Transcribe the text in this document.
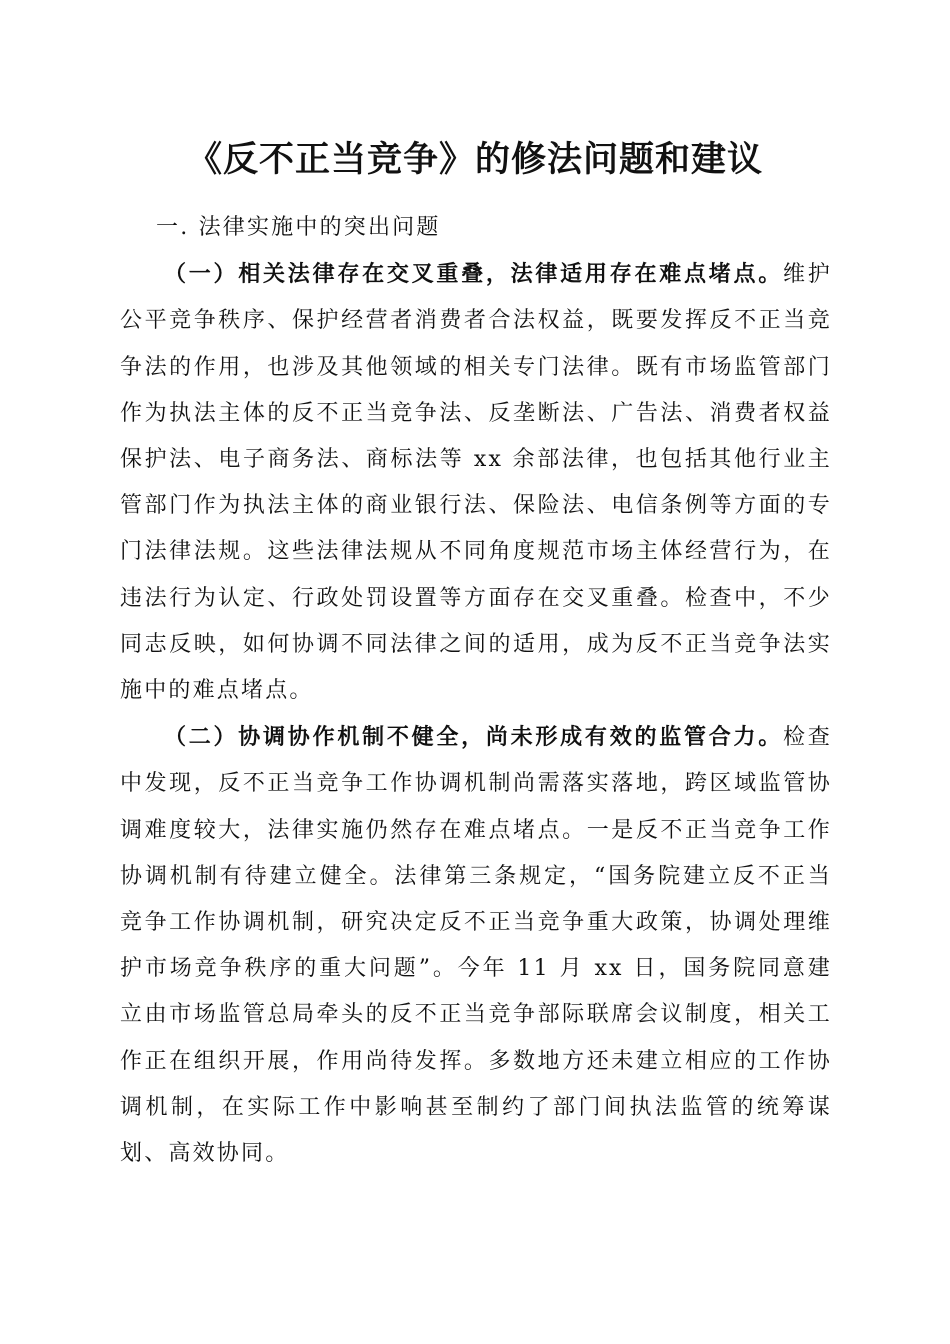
《反不正当竞争》的修法问题和建议
一. 法律实施中的突出问题

（一）相关法律存在交叉重叠，法律适用存在难点堵点。维护公平竞争秩序、保护经营者消费者合法权益，既要发挥反不正当竞争法的作用，也涉及其他领域的相关专门法律。既有市场监管部门作为执法主体的反不正当竞争法、反垄断法、广告法、消费者权益保护法、电子商务法、商标法等 xx 余部法律，也包括其他行业主管部门作为执法主体的商业银行法、保险法、电信条例等方面的专门法律法规。这些法律法规从不同角度规范市场主体经营行为，在违法行为认定、行政处罚设置等方面存在交叉重叠。检查中，不少同志反映，如何协调不同法律之间的适用，成为反不正当竞争法实施中的难点堵点。

（二）协调协作机制不健全，尚未形成有效的监管合力。检查中发现，反不正当竞争工作协调机制尚需落实落地，跨区域监管协调难度较大，法律实施仍然存在难点堵点。一是反不正当竞争工作协调机制有待建立健全。法律第三条规定，“国务院建立反不正当竞争工作协调机制，研究决定反不正当竞争重大政策，协调处理维护市场竞争秩序的重大问题”。今年 11 月 xx 日，国务院同意建立由市场监管总局牵头的反不正当竞争部际联席会议制度，相关工作正在组织开展，作用尚待发挥。多数地方还未建立相应的工作协调机制，在实际工作中影响甚至制约了部门间执法监管的统筹谋划、高效协同。
